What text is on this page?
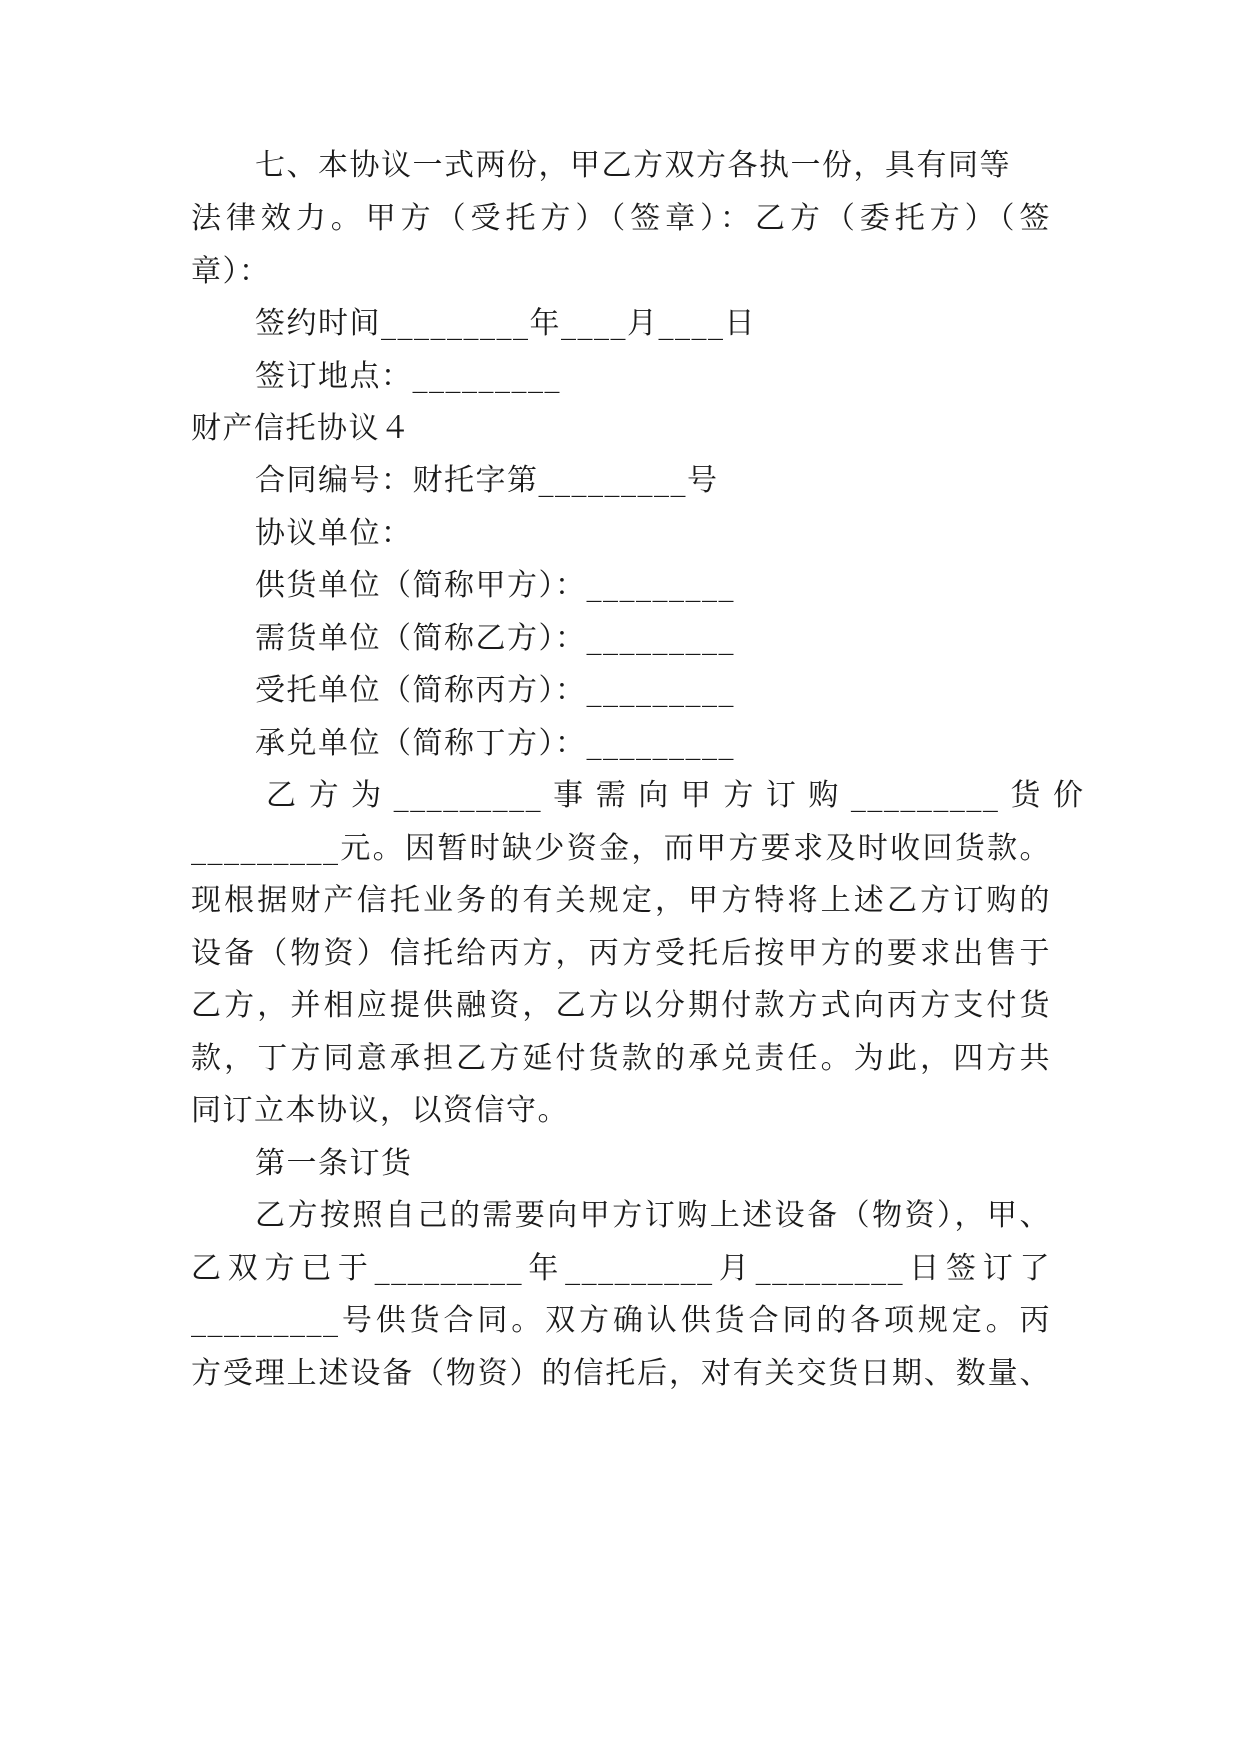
七、本协议一式两份，甲乙方双方各执一份，具有同等
法律效力。甲方（受托方）（签章）：乙方（委托方）（签
章）：
签约时间_________年____月____日
签订地点：_________
财产信托协议４
合同编号：财托字第_________号
协议单位：
供货单位（简称甲方）：_________
需货单位（简称乙方）：_________
受托单位（简称丙方）：_________
承兑单位（简称丁方）：_________
乙 方 为 _________ 事 需 向 甲 方 订 购 _________ 货 价
_________元。因暂时缺少资金，而甲方要求及时收回货款。
现根据财产信托业务的有关规定，甲方特将上述乙方订购的
设备（物资）信托给丙方，丙方受托后按甲方的要求出售于
乙方，并相应提供融资，乙方以分期付款方式向丙方支付货
款，丁方同意承担乙方延付货款的承兑责任。为此，四方共
同订立本协议，以资信守。
第一条订货
乙方按照自己的需要向甲方订购上述设备（物资），甲、
乙双方已于_________年_________月_________日签订了
_________号供货合同。双方确认供货合同的各项规定。丙
方受理上述设备（物资）的信托后，对有关交货日期、数量、
